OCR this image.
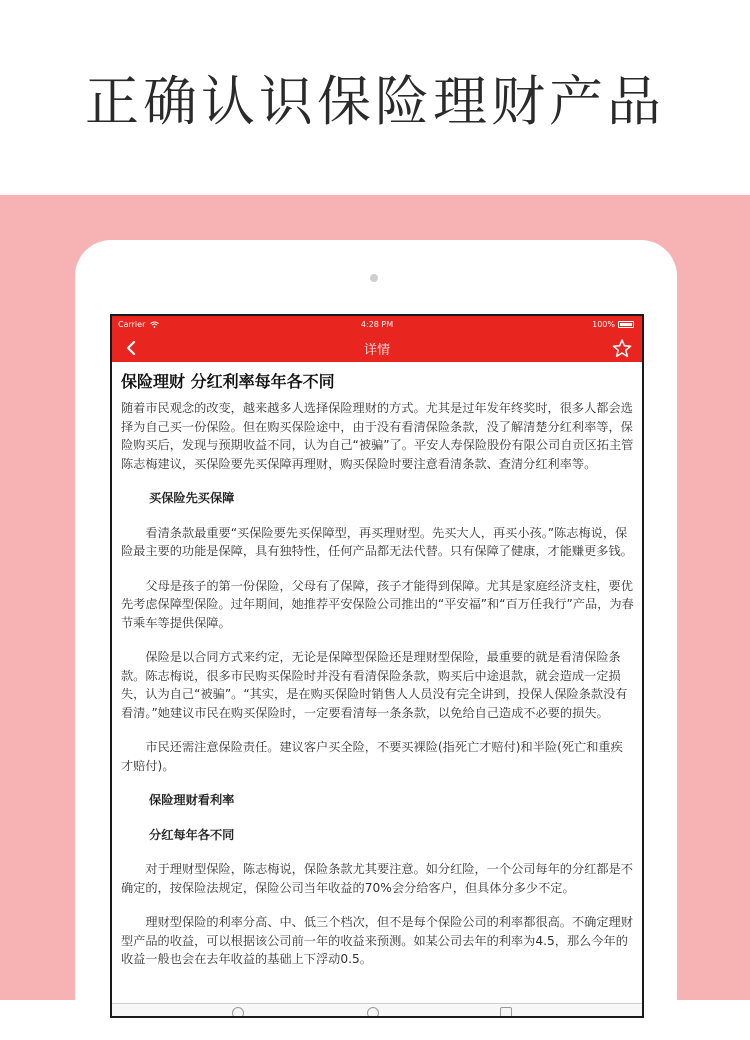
正确认识保险理财产品
Carrier	4:28 PM	100%
详情
保险理财 分红利率每年各不同

随着市民观念的改变，越来越多人选择保险理财的方式。尤其是过年发年终奖时，很多人都会选择为自己买一份保险。但在购买保险途中，由于没有看清保险条款，没了解清楚分红利率等，保险购买后，发现与预期收益不同，认为自己“被骗”了。平安人寿保险股份有限公司自贡区拓主管陈志梅建议，买保险要先买保障再理财，购买保险时要注意看清条款、查清分红利率等。

买保险先买保障

看清条款最重要“买保险要先买保障型，再买理财型。先买大人，再买小孩。”陈志梅说，保险最主要的功能是保障，具有独特性，任何产品都无法代替。只有保障了健康，才能赚更多钱。

父母是孩子的第一份保险，父母有了保障，孩子才能得到保障。尤其是家庭经济支柱，要优先考虑保障型保险。过年期间，她推荐平安保险公司推出的“平安福”和“百万任我行”产品，为春节乘车等提供保障。

保险是以合同方式来约定，无论是保障型保险还是理财型保险，最重要的就是看清保险条款。陈志梅说，很多市民购买保险时并没有看清保险条款，购买后中途退款，就会造成一定损失，认为自己“被骗”。“其实，是在购买保险时销售人人员没有完全讲到，投保人保险条款没有看清。”她建议市民在购买保险时，一定要看清每一条条款，以免给自己造成不必要的损失。

市民还需注意保险责任。建议客户买全险，不要买裸险(指死亡才赔付)和半险(死亡和重疾才赔付)。

保险理财看利率
分红每年各不同

对于理财型保险，陈志梅说，保险条款尤其要注意。如分红险，一个公司每年的分红都是不确定的，按保险法规定，保险公司当年收益的70%会分给客户，但具体分多少不定。

理财型保险的利率分高、中、低三个档次，但不是每个保险公司的利率都很高。不确定理财型产品的收益，可以根据该公司前一年的收益来预测。如某公司去年的利率为4.5，那么今年的收益一般也会在去年收益的基础上下浮动0.5。
